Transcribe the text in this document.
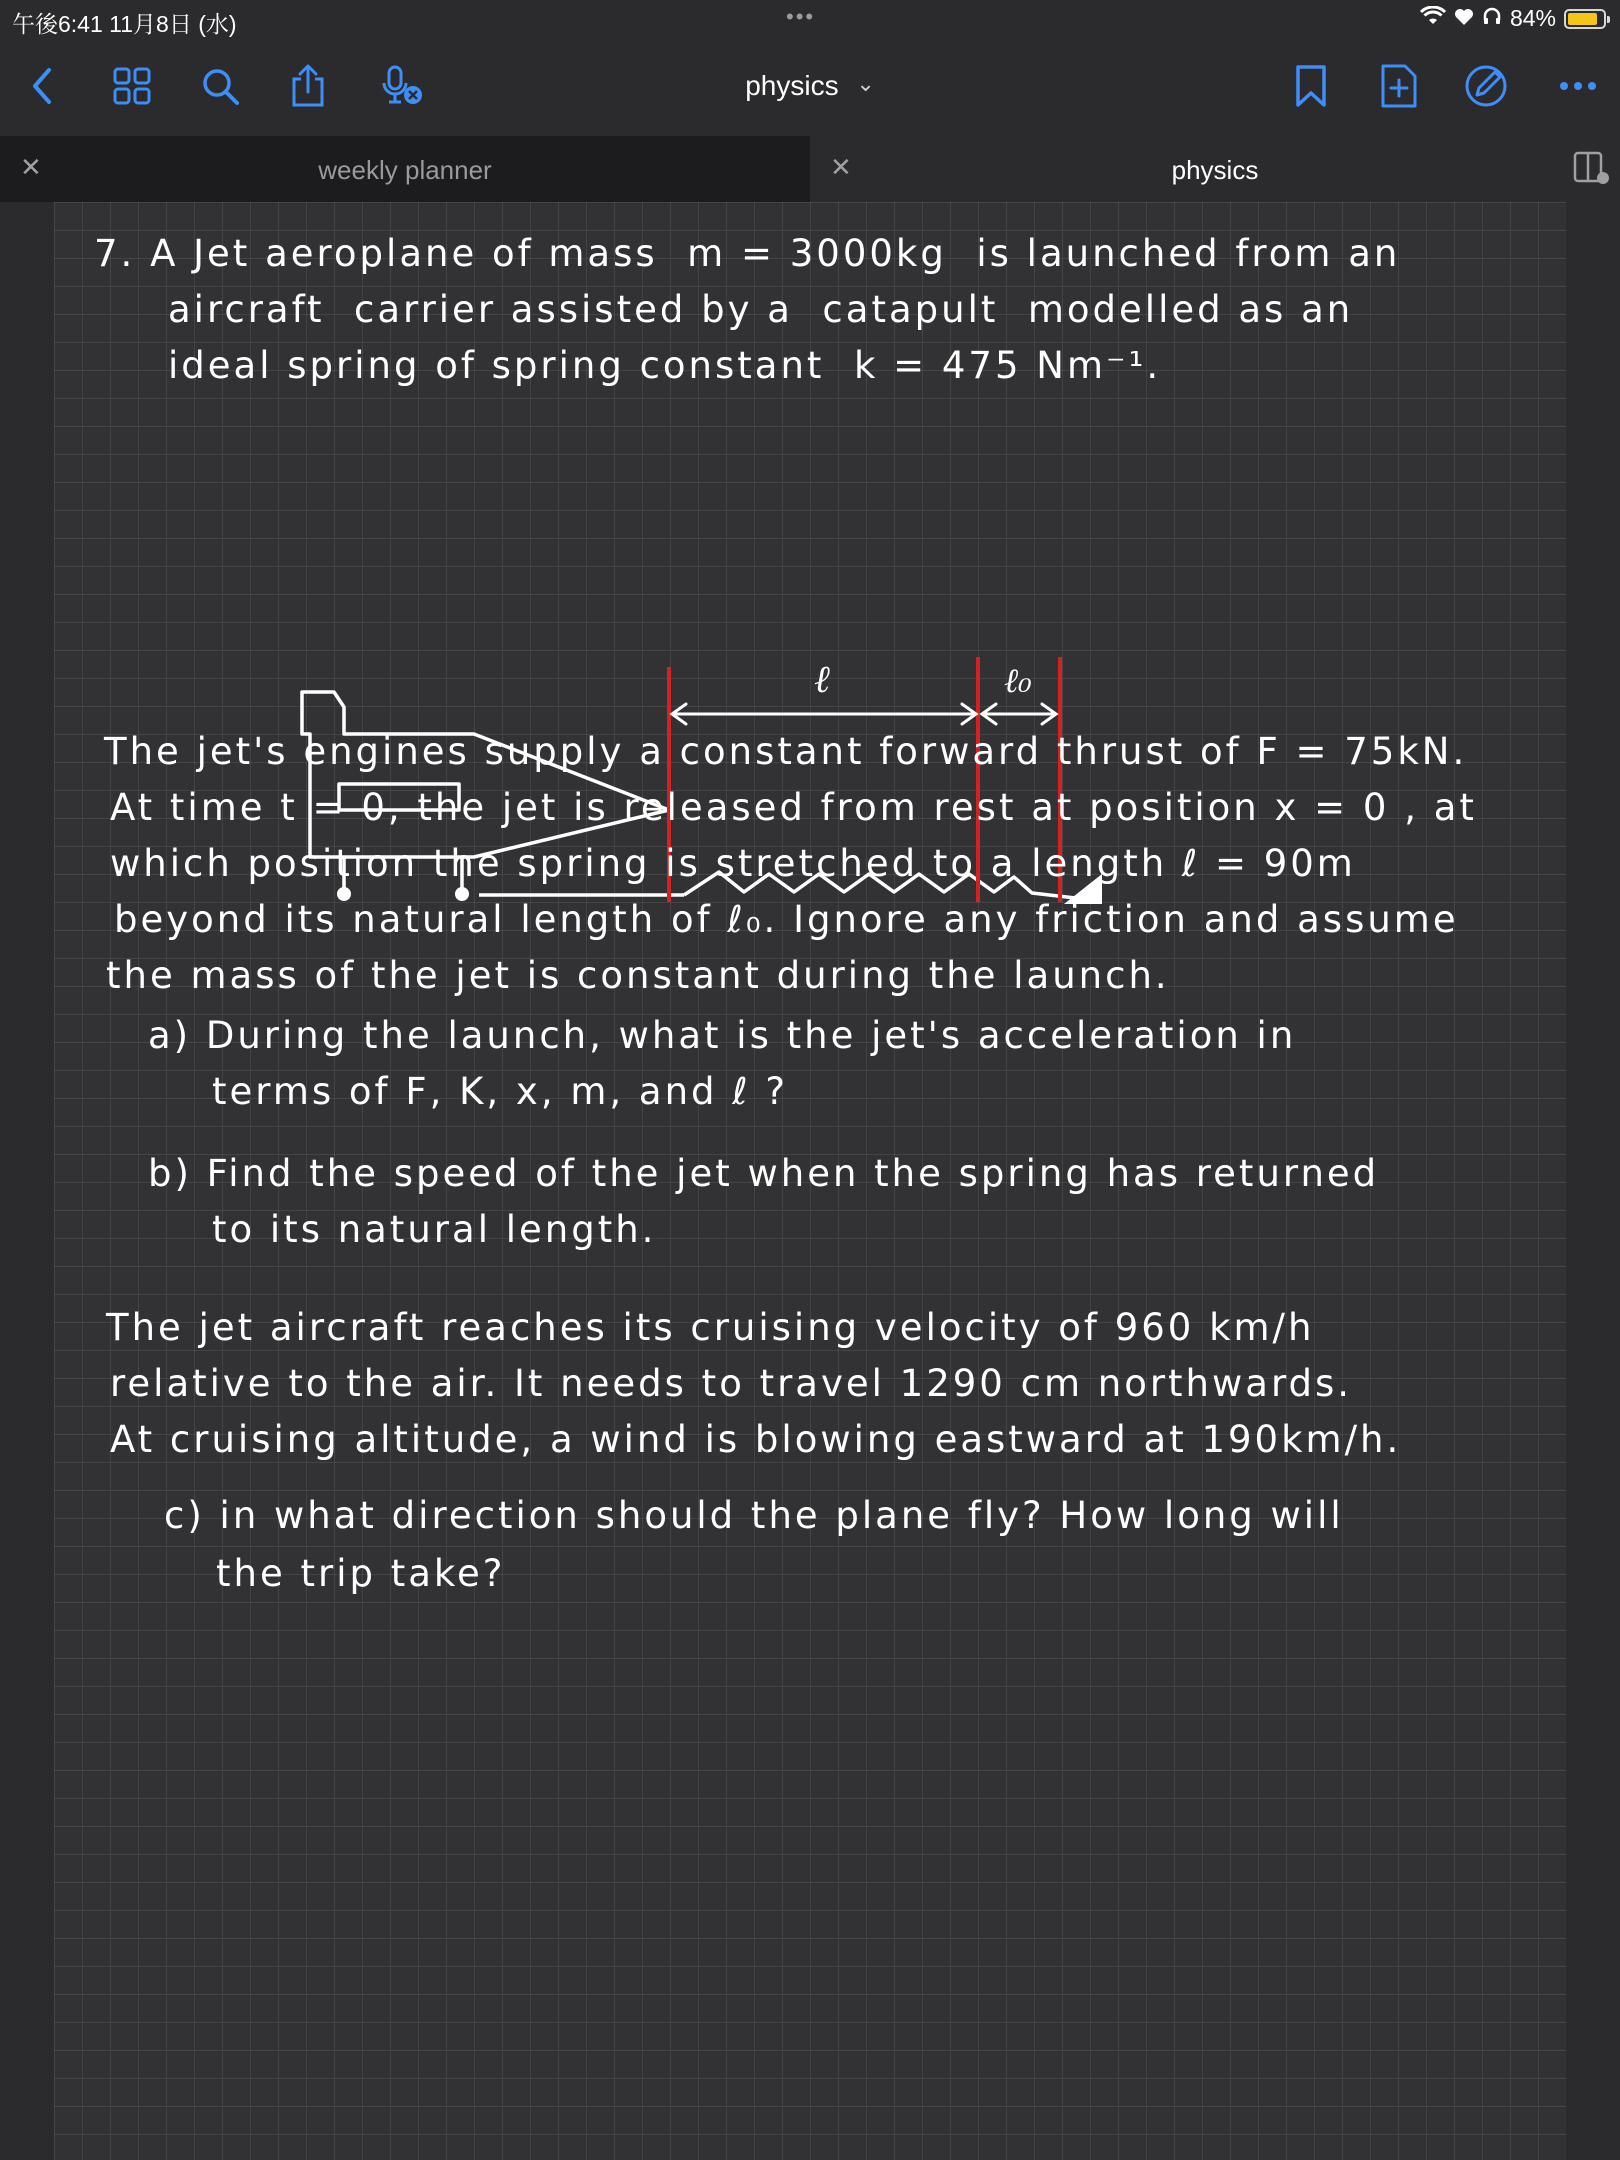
午後6:41 11月8日 (水)	•••	84%
physics ⌄
✕	weekly planner	✕	physics
7. A Jet aeroplane of mass  m = 3000kg  is launched from an
aircraft  carrier assisted by a  catapult  modelled as an
ideal spring of spring constant  k = 475 Nm⁻¹.
ℓ	ℓ₀
The jet's engines supply a constant forward thrust of F = 75kN.
At time t = 0, the jet is released from rest at position x = 0 , at
which position the spring is stretched to a length ℓ = 90m
beyond its natural length of ℓ₀. Ignore any friction and assume
the mass of the jet is constant during the launch.
a) During the launch, what is the jet's acceleration in
terms of F, K, x, m, and ℓ ?
b) Find the speed of the jet when the spring has returned
to its natural length.
The jet aircraft reaches its cruising velocity of 960 km/h
relative to the air. It needs to travel 1290 cm northwards.
At cruising altitude, a wind is blowing eastward at 190km/h.
c) in what direction should the plane fly? How long will
the trip take?
